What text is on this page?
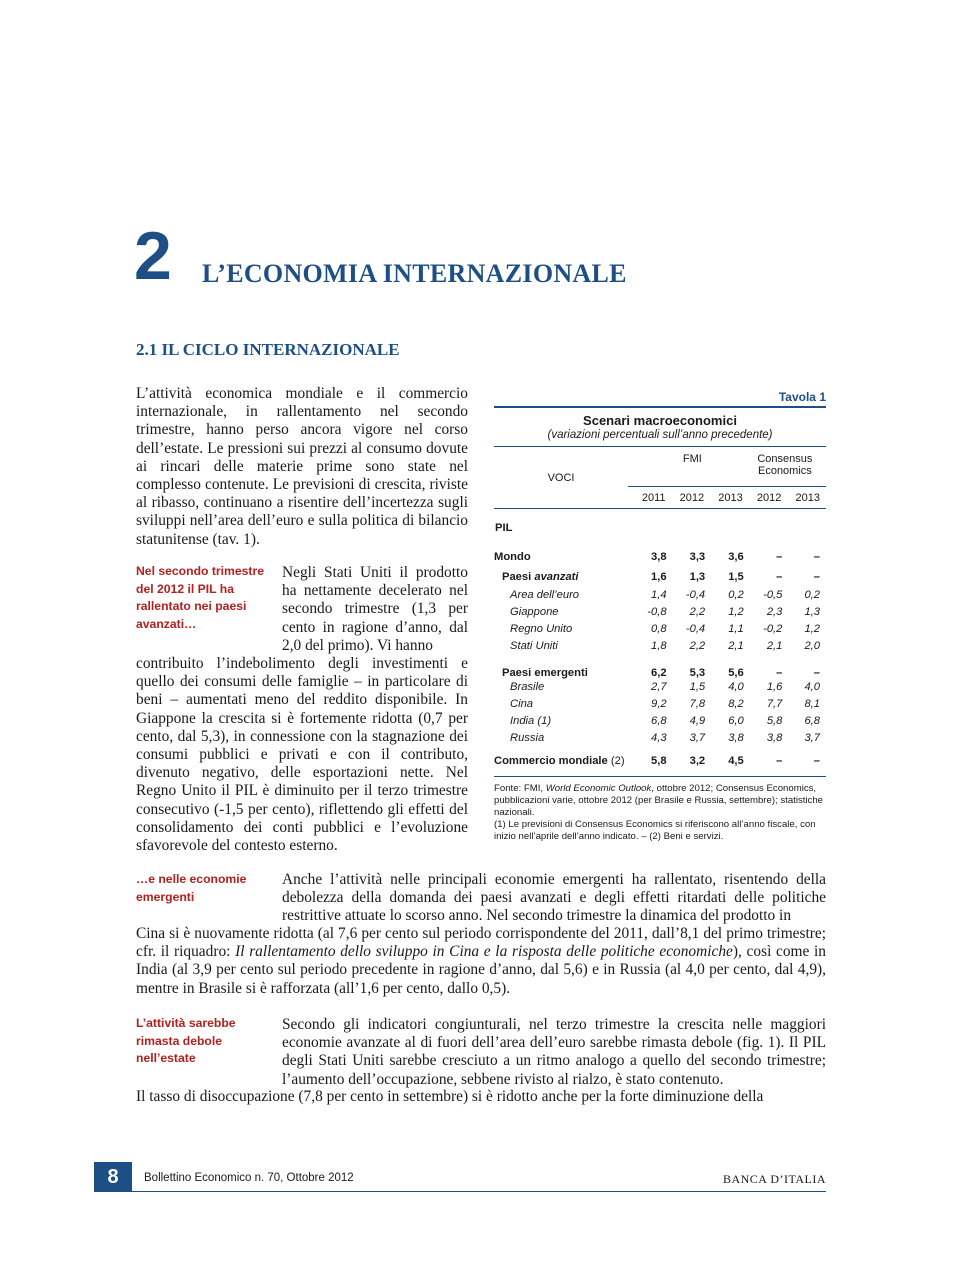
2 L’ECONOMIA INTERNAZIONALE
2.1 IL CICLO INTERNAZIONALE

L’attività economica mondiale e il commercio internazionale, in rallentamento nel secondo trimestre, hanno perso ancora vigore nel corso dell’estate. Le pressioni sui prezzi al consumo dovute ai rincari delle materie prime sono state nel complesso contenute. Le previsioni di crescita, riviste al ribasso, continuano a risentire dell’incertezza sugli sviluppi nell’area dell’euro e sulla politica di bilancio statunitense (tav. 1).

Nel secondo trimestre del 2012 il PIL ha rallentato nei paesi avanzati…

Negli Stati Uniti il prodotto ha nettamente decelerato nel secondo trimestre (1,3 per cento in ragione d’anno, dal 2,0 del primo). Vi hanno

contribuito l’indebolimento degli investimenti e quello dei consumi delle famiglie – in particolare di beni – aumentati meno del reddito disponibile. In Giappone la crescita si è fortemente ridotta (0,7 per cento, dal 5,3), in connessione con la stagnazione dei consumi pubblici e privati e con il contributo, divenuto negativo, delle esportazioni nette. Nel Regno Unito il PIL è diminuito per il terzo trimestre consecutivo (-1,5 per cento), riflettendo gli effetti del consolidamento dei conti pubblici e l’evoluzione sfavorevole del contesto esterno.

…e nelle economie emergenti

Anche l’attività nelle principali economie emergenti ha rallentato, risentendo della debolezza della domanda dei paesi avanzati e degli effetti ritardati delle politiche restrittive attuate lo scorso anno. Nel secondo trimestre la dinamica del prodotto in

Cina si è nuovamente ridotta (al 7,6 per cento sul periodo corrispondente del 2011, dall’8,1 del primo trimestre; cfr. il riquadro: Il rallentamento dello sviluppo in Cina e la risposta delle politiche economiche), così come in India (al 3,9 per cento sul periodo precedente in ragione d’anno, dal 5,6) e in Russia (al 4,0 per cento, dal 4,9), mentre in Brasile si è rafforzata (all’1,6 per cento, dallo 0,5).

L’attività sarebbe rimasta debole nell’estate

Secondo gli indicatori congiunturali, nel terzo trimestre la crescita nelle maggiori economie avanzate al di fuori dell’area dell’euro sarebbe rimasta debole (fig. 1). Il PIL degli Stati Uniti sarebbe cresciuto a un ritmo analogo a quello del secondo trimestre; l’aumento dell’occupazione, sebbene rivisto al rialzo, è stato contenuto.

Il tasso di disoccupazione (7,8 per cento in settembre) si è ridotto anche per la forte diminuzione della

Tavola 1
Scenari macroeconomici
(variazioni percentuali sull’anno precedente)
VOCI	FMI			Consensus Economics	
	2011	2012	2013	2012	2013
PIL					
Mondo	3,8	3,3	3,6	–	–
Paesi avanzati	1,6	1,3	1,5	–	–
Area dell’euro	1,4	-0,4	0,2	-0,5	0,2
Giappone	-0,8	2,2	1,2	2,3	1,3
Regno Unito	0,8	-0,4	1,1	-0,2	1,2
Stati Uniti	1,8	2,2	2,1	2,1	2,0
Paesi emergenti	6,2	5,3	5,6	–	–
Brasile	2,7	1,5	4,0	1,6	4,0
Cina	9,2	7,8	8,2	7,7	8,1
India (1)	6,8	4,9	6,0	5,8	6,8
Russia	4,3	3,7	3,8	3,8	3,7
Commercio mondiale (2)	5,8	3,2	4,5	–	–
Fonte: FMI, World Economic Outlook, ottobre 2012; Consensus Economics, pubblicazioni varie, ottobre 2012 (per Brasile e Russia, settembre); statistiche nazionali.
(1) Le previsioni di Consensus Economics si riferiscono all’anno fiscale, con inizio nell’aprile dell’anno indicato. – (2) Beni e servizi.
8	Bollettino Economico n. 70, Ottobre 2012	BANCA D’ITALIA
